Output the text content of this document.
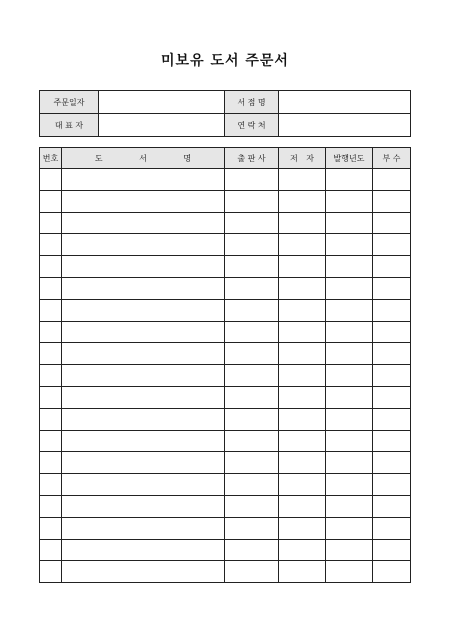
미보유 도서 주문서
주문일자		서 점 명	
대 표 자		연 락 처	
번호	도 서 명	출 판 사	저 자	발행년도	부 수
